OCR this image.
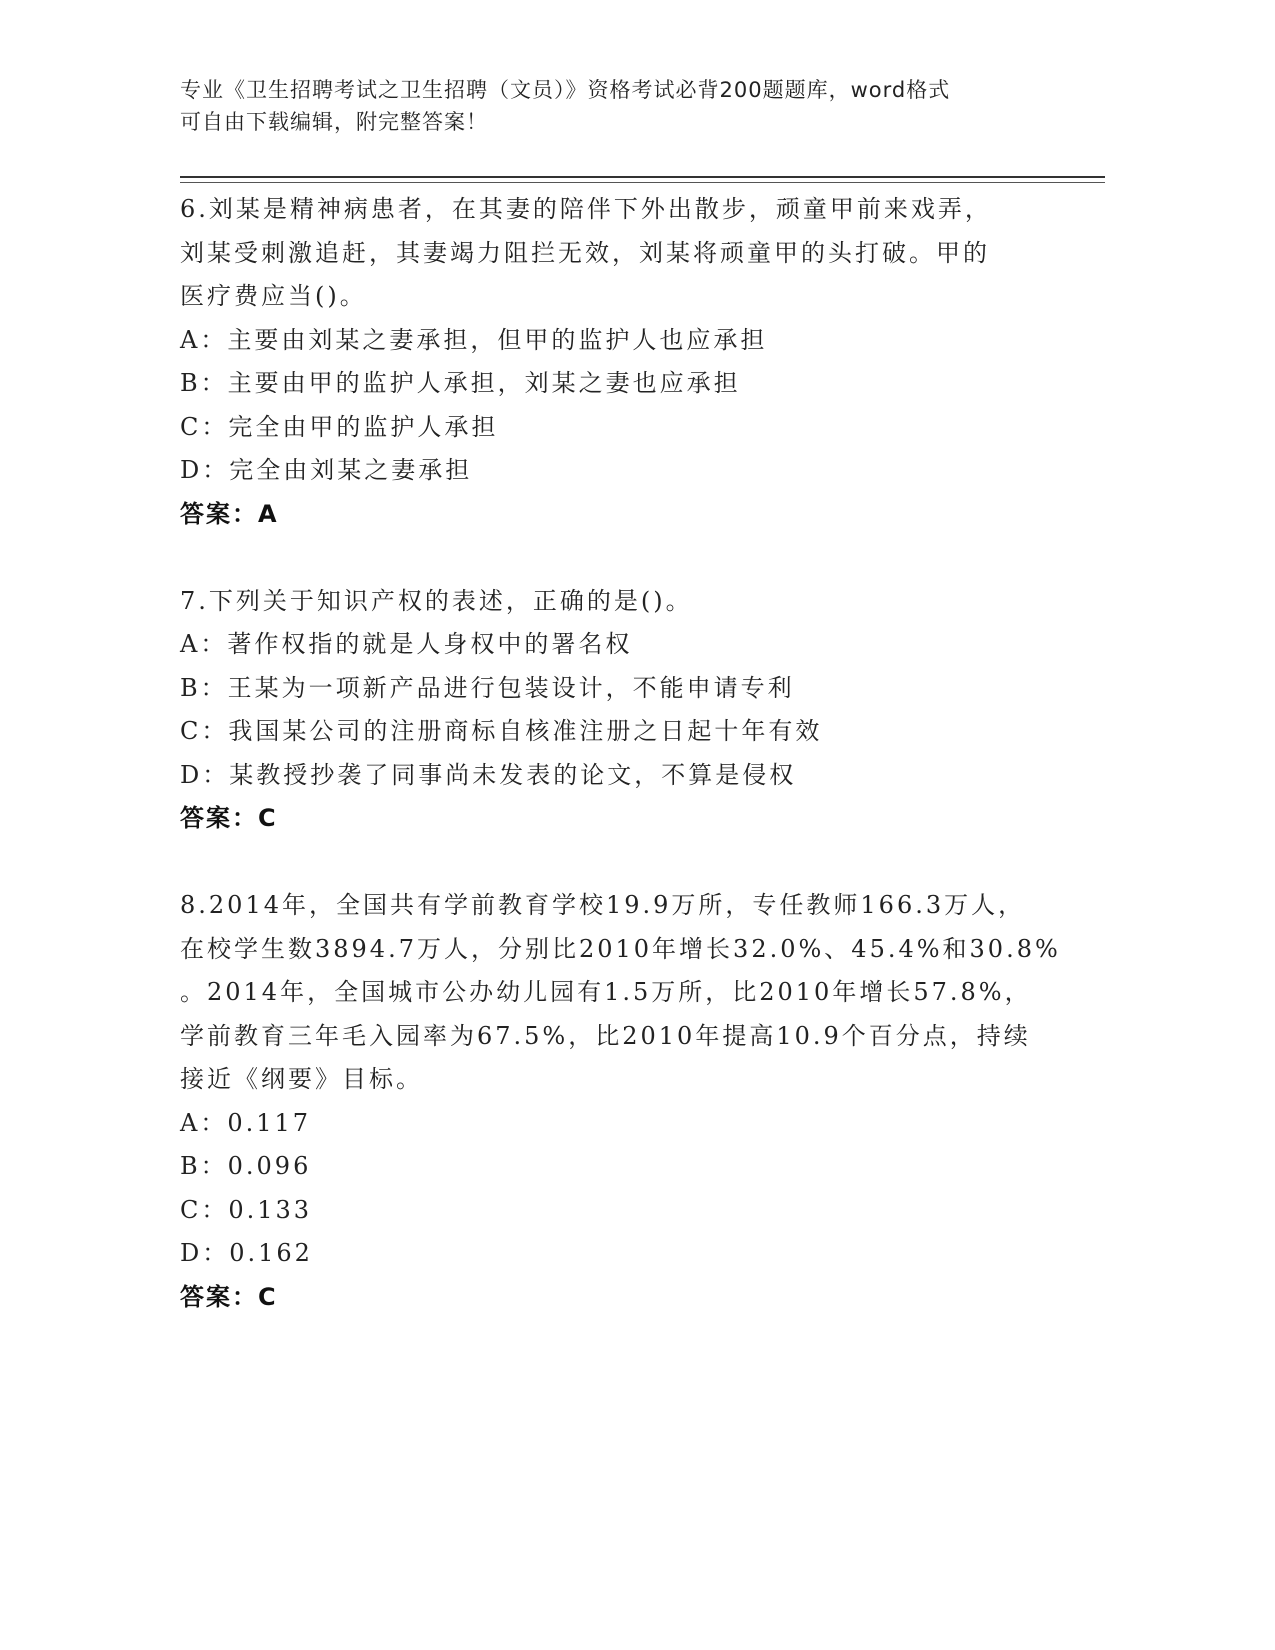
专业《卫生招聘考试之卫生招聘（文员）》资格考试必背200题题库，word格式

可自由下载编辑，附完整答案！

6.刘某是精神病患者，在其妻的陪伴下外出散步，顽童甲前来戏弄，

刘某受刺激追赶，其妻竭力阻拦无效，刘某将顽童甲的头打破。甲的

医疗费应当()。

A：主要由刘某之妻承担，但甲的监护人也应承担

B：主要由甲的监护人承担，刘某之妻也应承担

C：完全由甲的监护人承担

D：完全由刘某之妻承担

答案：A

7.下列关于知识产权的表述，正确的是()。

A：著作权指的就是人身权中的署名权

B：王某为一项新产品进行包装设计，不能申请专利

C：我国某公司的注册商标自核准注册之日起十年有效

D：某教授抄袭了同事尚未发表的论文，不算是侵权

答案：C

8.2014年，全国共有学前教育学校19.9万所，专任教师166.3万人，

在校学生数3894.7万人，分别比2010年增长32.0%、45.4%和30.8%

。2014年，全国城市公办幼儿园有1.5万所，比2010年增长57.8%，

学前教育三年毛入园率为67.5%，比2010年提高10.9个百分点，持续

接近《纲要》目标。

A：0.117

B：0.096

C：0.133

D：0.162

答案：C
